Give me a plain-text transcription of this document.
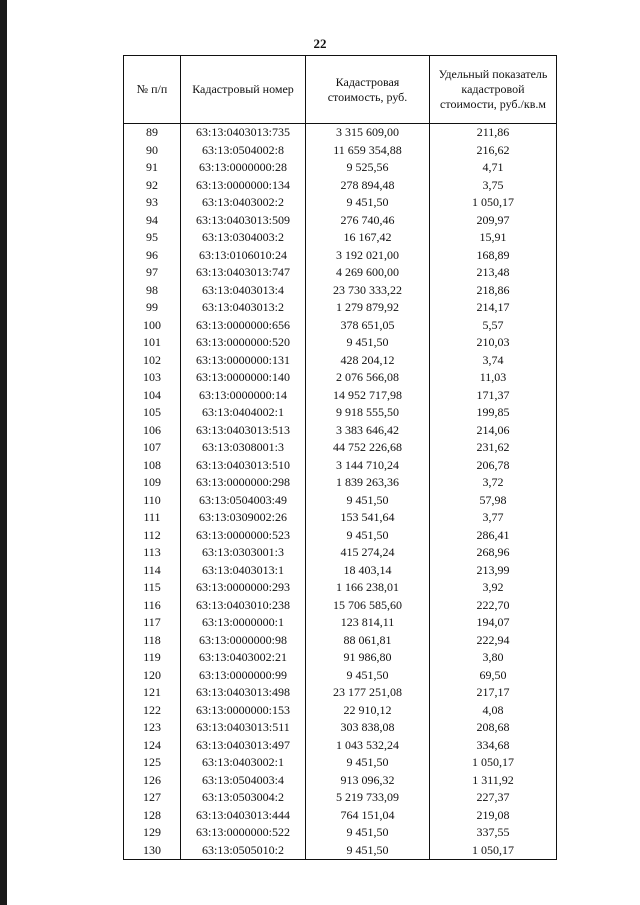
22
№ п/п	Кадастровый номер	Кадастровая стоимость, руб.	Удельный показатель кадастровой стоимости, руб./кв.м
89	63:13:0403013:735	3 315 609,00	211,86
90	63:13:0504002:8	11 659 354,88	216,62
91	63:13:0000000:28	9 525,56	4,71
92	63:13:0000000:134	278 894,48	3,75
93	63:13:0403002:2	9 451,50	1 050,17
94	63:13:0403013:509	276 740,46	209,97
95	63:13:0304003:2	16 167,42	15,91
96	63:13:0106010:24	3 192 021,00	168,89
97	63:13:0403013:747	4 269 600,00	213,48
98	63:13:0403013:4	23 730 333,22	218,86
99	63:13:0403013:2	1 279 879,92	214,17
100	63:13:0000000:656	378 651,05	5,57
101	63:13:0000000:520	9 451,50	210,03
102	63:13:0000000:131	428 204,12	3,74
103	63:13:0000000:140	2 076 566,08	11,03
104	63:13:0000000:14	14 952 717,98	171,37
105	63:13:0404002:1	9 918 555,50	199,85
106	63:13:0403013:513	3 383 646,42	214,06
107	63:13:0308001:3	44 752 226,68	231,62
108	63:13:0403013:510	3 144 710,24	206,78
109	63:13:0000000:298	1 839 263,36	3,72
110	63:13:0504003:49	9 451,50	57,98
111	63:13:0309002:26	153 541,64	3,77
112	63:13:0000000:523	9 451,50	286,41
113	63:13:0303001:3	415 274,24	268,96
114	63:13:0403013:1	18 403,14	213,99
115	63:13:0000000:293	1 166 238,01	3,92
116	63:13:0403010:238	15 706 585,60	222,70
117	63:13:0000000:1	123 814,11	194,07
118	63:13:0000000:98	88 061,81	222,94
119	63:13:0403002:21	91 986,80	3,80
120	63:13:0000000:99	9 451,50	69,50
121	63:13:0403013:498	23 177 251,08	217,17
122	63:13:0000000:153	22 910,12	4,08
123	63:13:0403013:511	303 838,08	208,68
124	63:13:0403013:497	1 043 532,24	334,68
125	63:13:0403002:1	9 451,50	1 050,17
126	63:13:0504003:4	913 096,32	1 311,92
127	63:13:0503004:2	5 219 733,09	227,37
128	63:13:0403013:444	764 151,04	219,08
129	63:13:0000000:522	9 451,50	337,55
130	63:13:0505010:2	9 451,50	1 050,17
